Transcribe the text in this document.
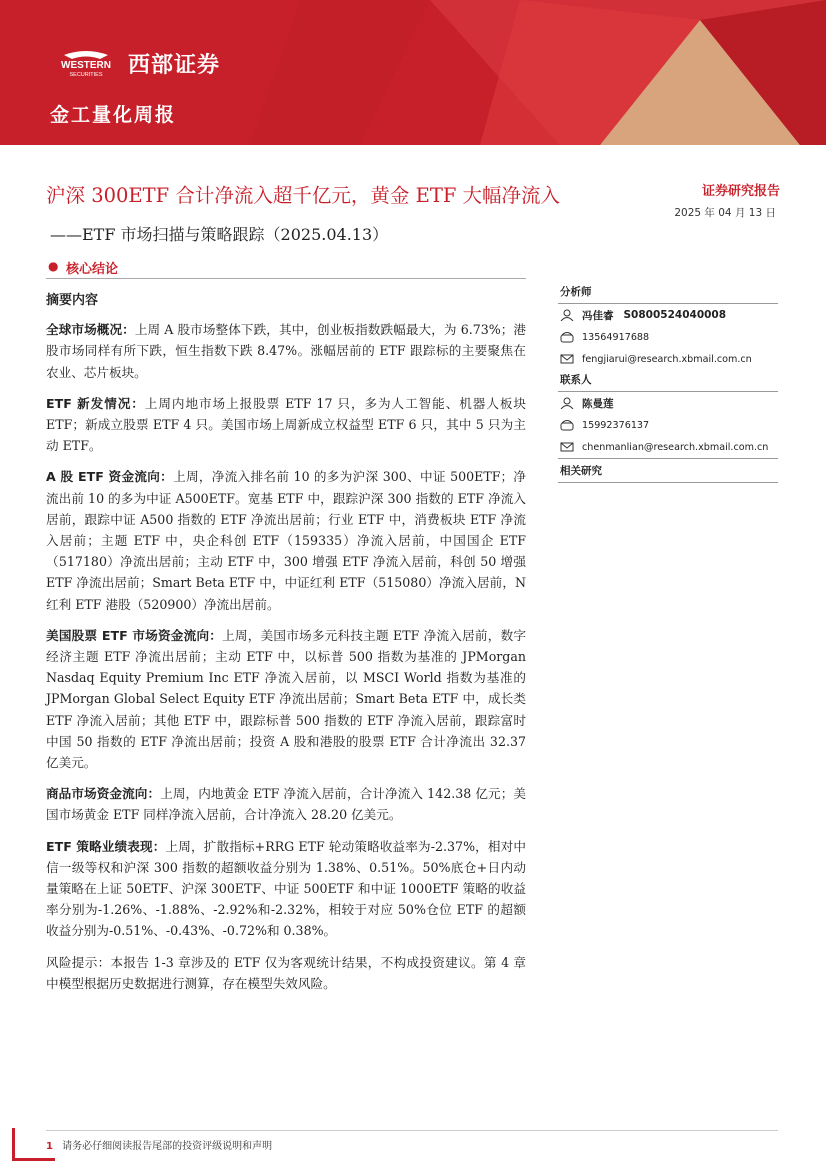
WESTERN
SECURITIES 西部证券
金工量化周报
沪深 300ETF 合计净流入超千亿元，黄金 ETF 大幅净流入	证券研究报告
2025 年 04 月 13 日
——ETF 市场扫描与策略跟踪（2025.04.13）
● 核心结论

摘要内容

全球市场概况：上周 A 股市场整体下跌，其中，创业板指数跌幅最大，为 6.73%；港股市场同样有所下跌，恒生指数下跌 8.47%。涨幅居前的 ETF 跟踪标的主要聚焦在农业、芯片板块。

ETF 新发情况：上周内地市场上报股票 ETF 17 只，多为人工智能、机器人板块 ETF；新成立股票 ETF 4 只。美国市场上周新成立权益型 ETF 6 只，其中 5 只为主动 ETF。

A 股 ETF 资金流向：上周，净流入排名前 10 的多为沪深 300、中证 500ETF；净流出前 10 的多为中证 A500ETF。宽基 ETF 中，跟踪沪深 300 指数的 ETF 净流入居前，跟踪中证 A500 指数的 ETF 净流出居前；行业 ETF 中，消费板块 ETF 净流入居前；主题 ETF 中，央企科创 ETF（159335）净流入居前，中国国企 ETF（517180）净流出居前；主动 ETF 中，300 增强 ETF 净流入居前，科创 50 增强 ETF 净流出居前；Smart Beta ETF 中，中证红利 ETF（515080）净流入居前，N 红利 ETF 港股（520900）净流出居前。

美国股票 ETF 市场资金流向：上周，美国市场多元科技主题 ETF 净流入居前，数字经济主题 ETF 净流出居前；主动 ETF 中，以标普 500 指数为基准的 JPMorgan Nasdaq Equity Premium Inc ETF 净流入居前，以 MSCI World 指数为基准的 JPMorgan Global Select Equity ETF 净流出居前；Smart Beta ETF 中，成长类 ETF 净流入居前；其他 ETF 中，跟踪标普 500 指数的 ETF 净流入居前，跟踪富时中国 50 指数的 ETF 净流出居前；投资 A 股和港股的股票 ETF 合计净流出 32.37 亿美元。

商品市场资金流向：上周，内地黄金 ETF 净流入居前，合计净流入 142.38 亿元；美国市场黄金 ETF 同样净流入居前，合计净流入 28.20 亿美元。

ETF 策略业绩表现：上周，扩散指标+RRG ETF 轮动策略收益率为-2.37%，相对中信一级等权和沪深 300 指数的超额收益分别为 1.38%、0.51%。50%底仓+日内动量策略在上证 50ETF、沪深 300ETF、中证 500ETF 和中证 1000ETF 策略的收益率分别为-1.26%、-1.88%、-2.92%和-2.32%，相较于对应 50%仓位 ETF 的超额收益分别为-0.51%、-0.43%、-0.72%和 0.38%。

风险提示：本报告 1-3 章涉及的 ETF 仅为客观统计结果，不构成投资建议。第 4 章中模型根据历史数据进行测算，存在模型失效风险。

分析师
冯佳睿 S0800524040008
13564917688
fengjiarui@research.xbmail.com.cn
联系人
陈曼莲
15992376137
chenmanlian@research.xbmail.com.cn
相关研究
1 请务必仔细阅读报告尾部的投资评级说明和声明
